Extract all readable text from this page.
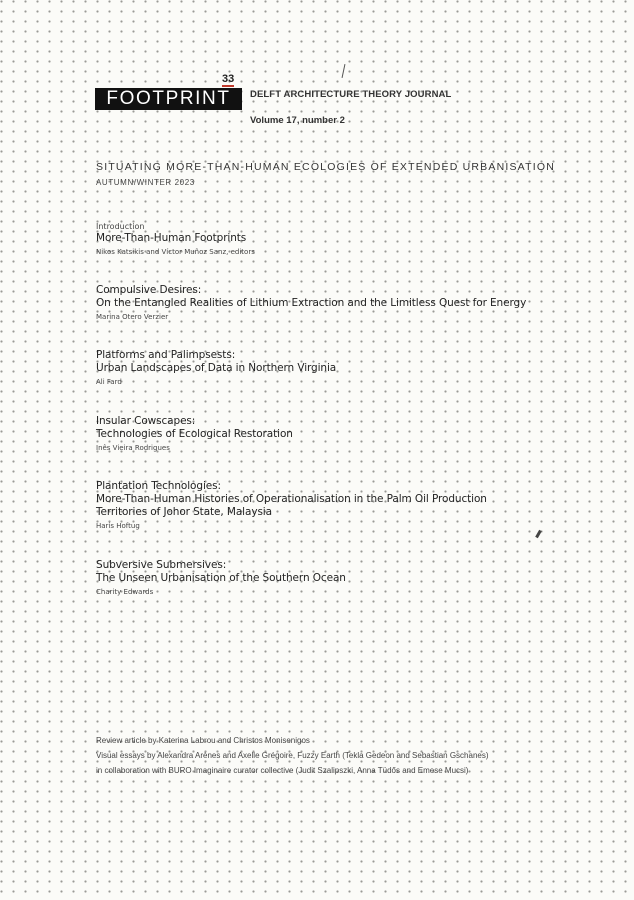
33
FOOTPRINT	DELFT ARCHITECTURE THEORY JOURNAL
Volume 17, number 2
SITUATING MORE-THAN-HUMAN ECOLOGIES OF EXTENDED URBANISATION
AUTUMN/WINTER 2023
Introduction
More-Than-Human Footprints
Nikos Katsikis and Víctor Muñoz Sanz, editors
Compulsive Desires:
On the Entangled Realities of Lithium Extraction and the Limitless Quest for Energy
Marina Otero Verzier
Platforms and Palimpsests:
Urban Landscapes of Data in Northern Virginia
Ali Fard
Insular Cowscapes:
Technologies of Ecological Restoration
Inês Vieira Rodrigues
Plantation Technologies:
More-Than-Human Histories of Operationalisation in the Palm Oil Production
Territories of Johor State, Malaysia
Haris Hoftug
Subversive Submersives:
The Unseen Urbanisation of the Southern Ocean
Charity Edwards
Review article by Katerina Labrou and Christos Monisenigos
Visual essays by Alexandra Arènes and Axelle Grégoire, Fuzzy Earth (Tekla Gedeon and Sebastian Gschanes)
in collaboration with BURO Imaginaire curator collective (Judit Szalipszki, Anna Tüdős and Emese Mucsi)
